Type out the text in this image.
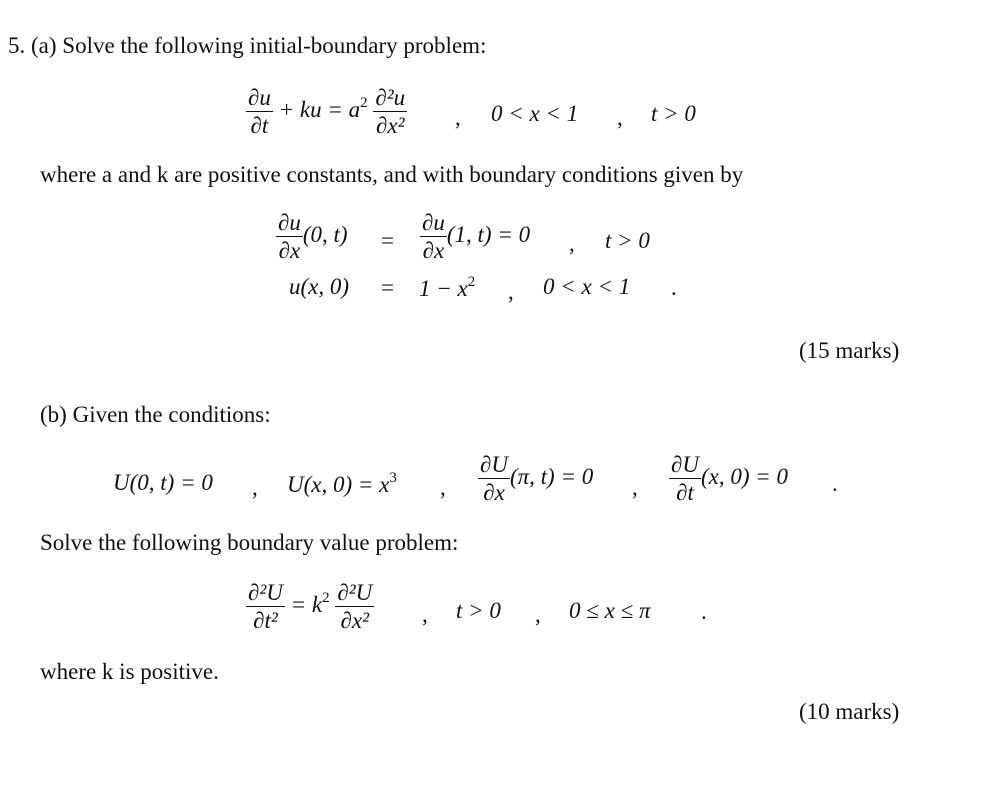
5. (a) Solve the following initial-boundary problem:
$\frac{\partial u}{\partial t}$ + ku = $a^2 \frac{\text{∂²u}}{\text{∂x²}}$ , 0 < x < 1 , t > 0
where a and k are positive constants, and with boundary conditions given by
$\frac{\partial u}{\partial x} (0$, $t) = \frac{\partial u}{\partial x} (1$, t) = 0 , t > 0
u(x, $0) = 1 - x^2$ , 0 < x < 1 .
(15 marks)
(b) Given the conditions:
U(0, t) = 0 , U(x, $0) = x^3$ , $\frac{\partial U}{\partial x} (\pi$, t) = 0 , $\frac{\partial U}{\partial t} (x$, 0) = 0 .
Solve the following boundary value problem:
$\frac{\text{∂²U}}{\text{∂t²}} = k^2 \frac{\text{∂²U}}{\text{∂x²}}$ , t > 0 , 0 ≤ x ≤ π .
where k is positive.
(10 marks)
